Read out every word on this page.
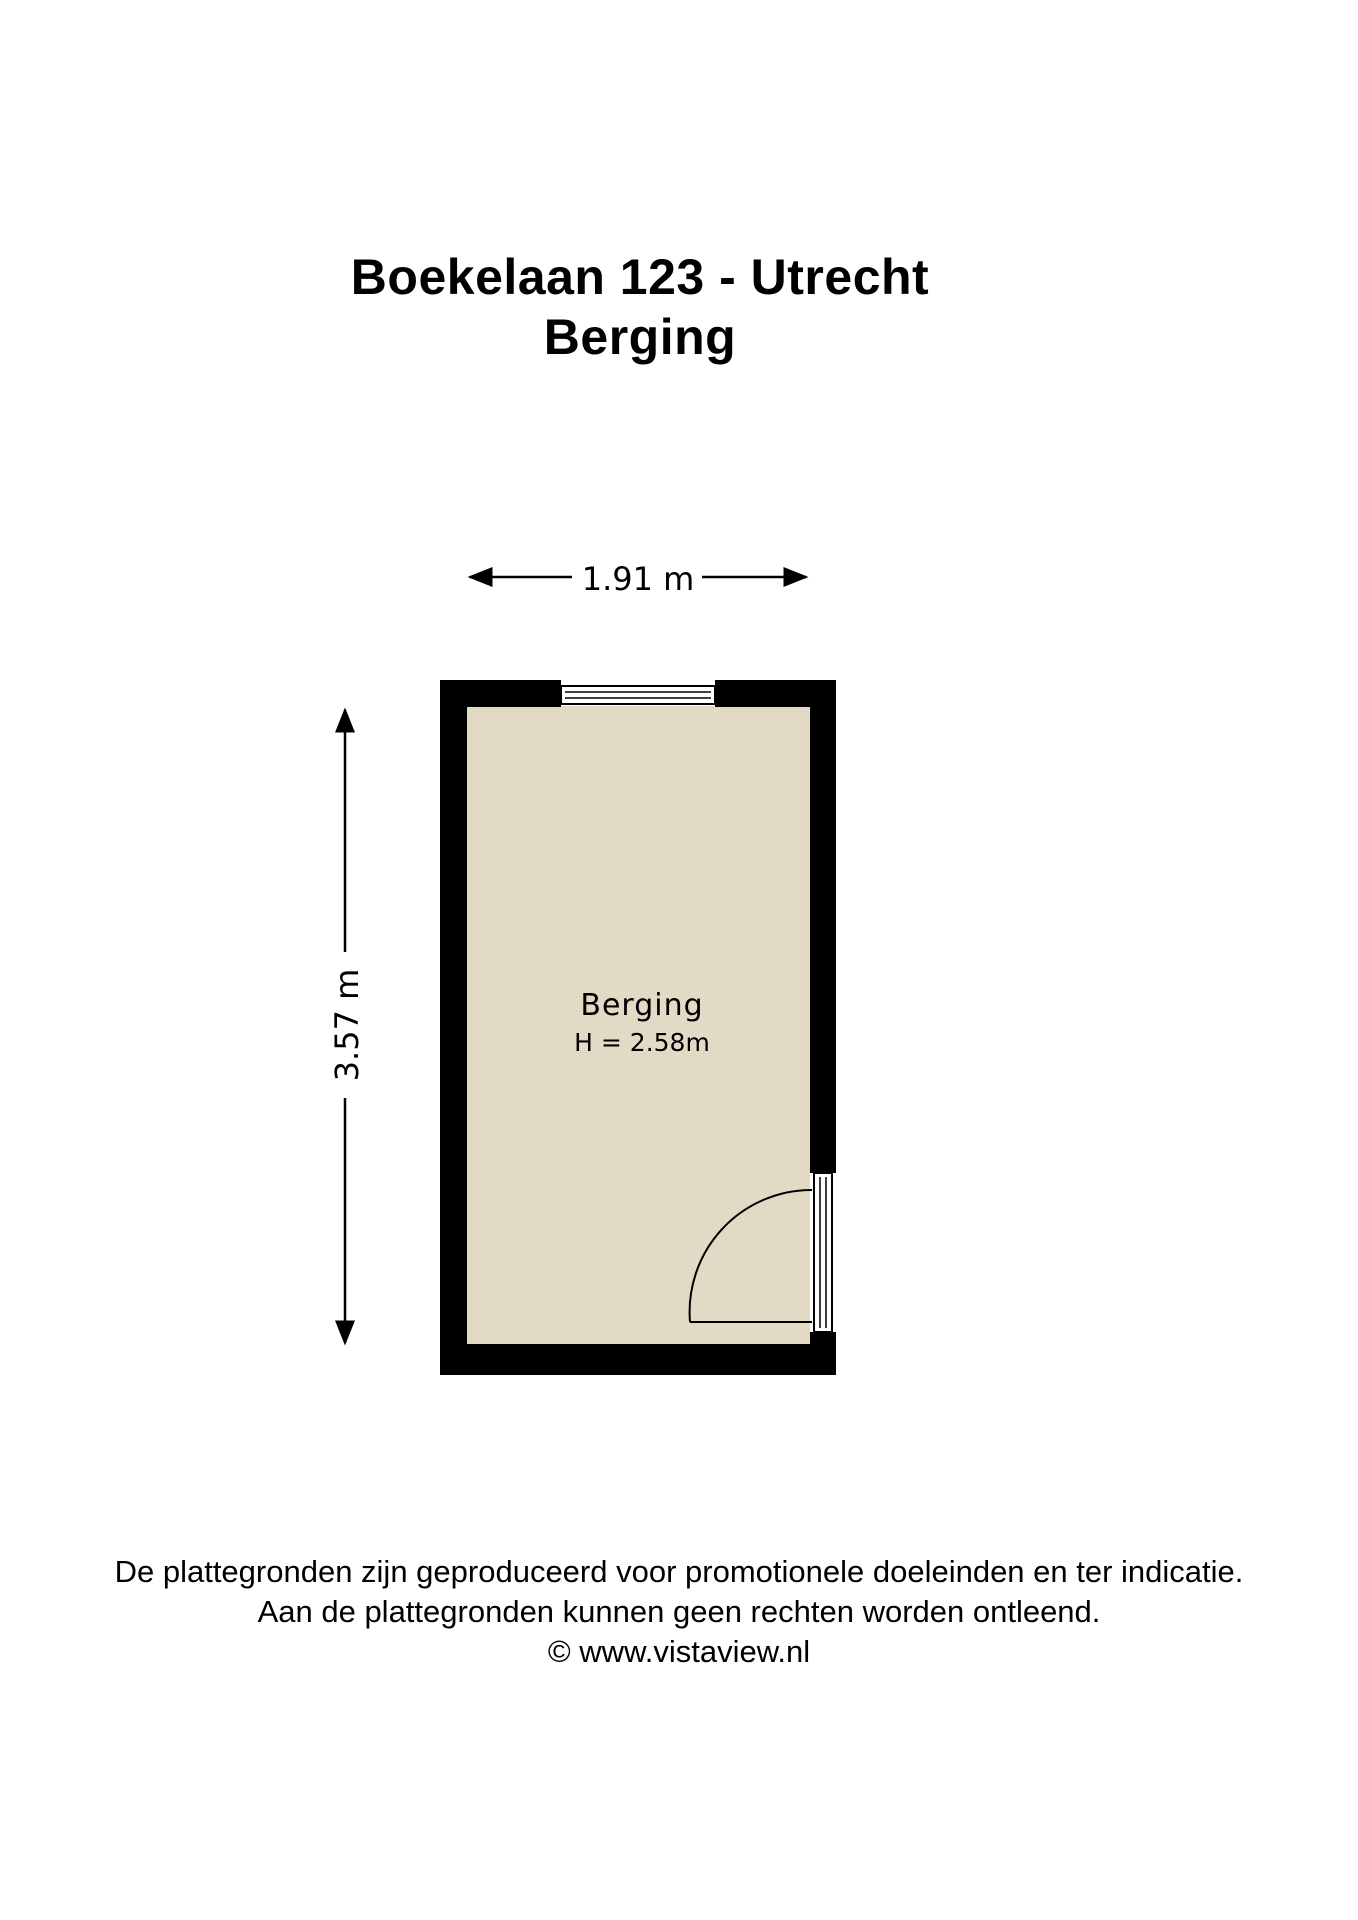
Boekelaan 123 - Utrecht
Berging
1.91 m
3.57 m	Berging
H = 2.58m
De plattegronden zijn geproduceerd voor promotionele doeleinden en ter indicatie.
Aan de plattegronden kunnen geen rechten worden ontleend.
© www.vistaview.nl
